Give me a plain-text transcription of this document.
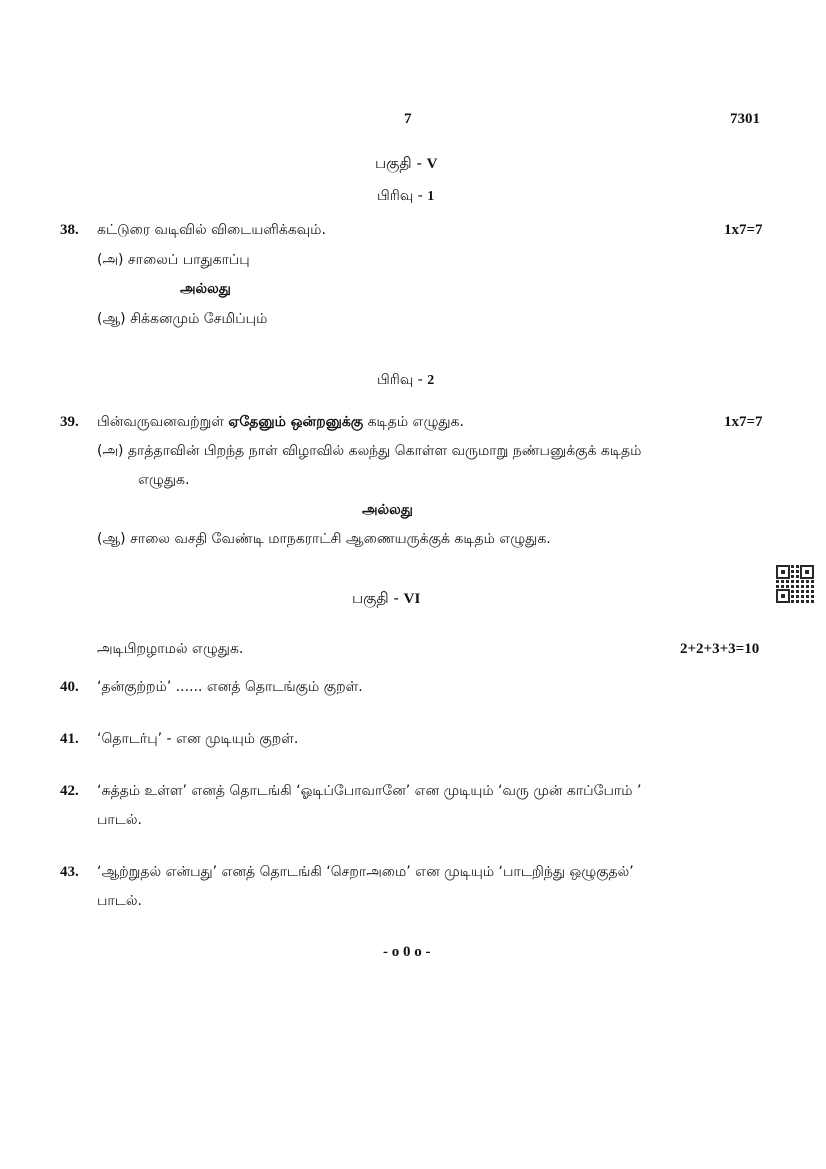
7	7301
பகுதி - V
பிரிவு - 1
38. கட்டுரை வடிவில் விடையளிக்கவும்.	1x7=7
(அ) சாலைப் பாதுகாப்பு
அல்லது
(ஆ) சிக்கனமும் சேமிப்பும்
பிரிவு - 2
39. பின்வருவனவற்றுள் ஏதேனும் ஒன்றனுக்கு கடிதம் எழுதுக.	1x7=7
(அ) தாத்தாவின் பிறந்த நாள் விழாவில் கலந்து கொள்ள வருமாறு நண்பனுக்குக் கடிதம்
எழுதுக.
அல்லது
(ஆ) சாலை வசதி வேண்டி மாநகராட்சி ஆணையருக்குக் கடிதம் எழுதுக.
பகுதி - VI
அடிபிறழாமல் எழுதுக.	2+2+3+3=10
40. ‘தன்குற்றம்’ ...... எனத் தொடங்கும் குறள்.
41. ‘தொடர்பு’ - என முடியும் குறள்.
42. ‘சுத்தம் உள்ள’ எனத் தொடங்கி ‘ஓடிப்போவானே’ என முடியும் ‘வரு முன் காப்போம் ’
பாடல்.
43. ‘ஆற்றுதல் என்பது’ எனத் தொடங்கி ‘செறாஅமை’ என முடியும் ‘பாடறிந்து ஒழுகுதல்’
பாடல்.
- o 0 o -
